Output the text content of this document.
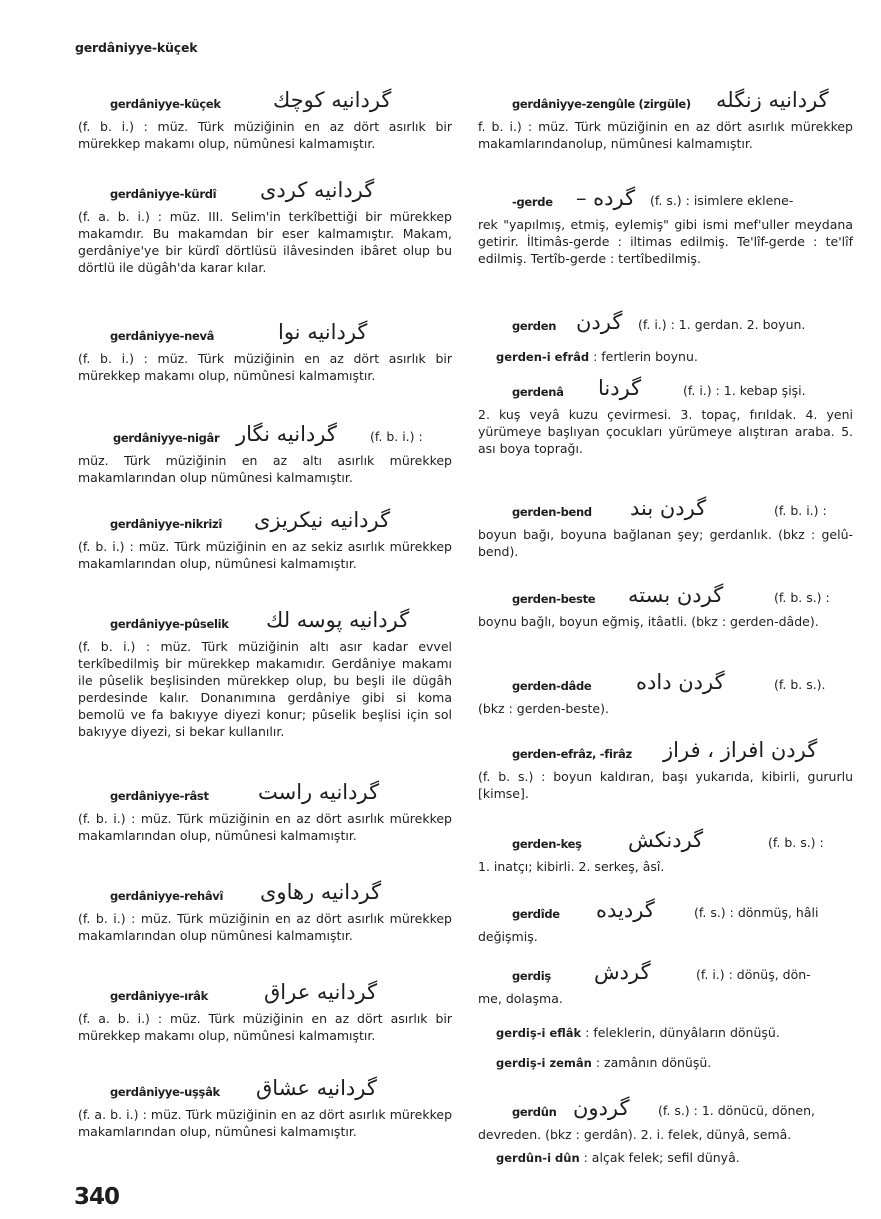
gerdâniyye-küçek
gerdâniyye-küçek گردانیه کوچك

(f. b. i.) : müz. Türk müziğinin en az dört asırlık bir mürekkep makamı olup, nümûnesi kalmamıştır.

gerdâniyye-kürdî گردانیه کردی

(f. a. b. i.) : müz. III. Selim'in terkîbettiği bir mürekkep makamdır. Bu makamdan bir eser kalmamıştır. Makam, gerdâniye'ye bir kürdî dörtlüsü ilâvesinden ibâret olup bu dörtlü ile dügâh'da karar kılar.

gerdâniyye-nevâ	گردانیه نوا

(f. b. i.) : müz. Türk müziğinin en az dört asırlık bir mürekkep makamı olup, nümûnesi kalmamıştır.

gerdâniyye-nigâr گردانیه نگار	(f. b. i.) :

müz. Türk müziğinin en az altı asırlık mürekkep makamlarından olup nümûnesi kalmamıştır.

gerdâniyye-nikrizî گردانیه نیکریزی

(f. b. i.) : müz. Türk müziğinin en az sekiz asırlık mürekkep makamlarından olup, nümûnesi kalmamıştır.

gerdâniyye-pûselik گردانیه پوسه لك

(f. b. i.) : müz. Türk müziğinin altı asır kadar evvel terkîbedilmiş bir mürekkep makamıdır. Gerdâniye makamı ile pûselik beşlisinden mürekkep olup, bu beşli ile dügâh perdesinde kalır. Donanımına gerdâniye gibi si koma bemolü ve fa bakıyye diyezi konur; pûselik beşlisi için sol bakıyye diyezi, si bekar kullanılır.

gerdâniyye-râst گردانیه راست

(f. b. i.) : müz. Türk müziğinin en az dört asırlık mürekkep makamlarından olup, nümûnesi kalmamıştır.

gerdâniyye-rehâvî گردانیه رهاوی

(f. b. i.) : müz. Türk müziğinin en az dört asırlık mürekkep makamlarından olup nümûnesi kalmamıştır.

gerdâniyye-ırâk	گردانیه عراق

(f. a. b. i.) : müz. Türk müziğinin en az dört asırlık bir mürekkep makamı olup, nümûnesi kalmamıştır.

gerdâniyye-uşşâk گردانیه عشاق

(f. a. b. i.) : müz. Türk müziğinin en az dört asırlık mürekkep makamlarından olup, nümûnesi kalmamıştır.

gerdâniyye-zengûle (zirgüle) گردانیه زنگله

f. b. i.) : müz. Türk müziğinin en az dört asırlık mürekkep makamlarındanolup, nümûnesi kalmamıştır.

-gerde گرده – (f. s.) : isimlere eklene-

rek "yapılmış, etmiş, eylemiş" gibi ismi mef'uller meydana getirir. İltimâs-gerde : iltimas edilmiş. Te'lîf-gerde : te'lîf edilmiş. Tertîb-gerde : tertîbedilmiş.

gerden گردن (f. i.) : 1. gerdan. 2. boyun.
gerdenâ گردنا	(f. i.) : 1. kebap şişi.

2. kuş veyâ kuzu çevirmesi. 3. topaç, fırıldak. 4. yeni yürümeye başlıyan çocukları yürümeye alıştıran araba. 5. ası boya toprağı.

gerden-bend گردن بند	(f. b. i.) :

boyun bağı, boyuna bağlanan şey; gerdanlık. (bkz : gelû-bend).

gerden-beste گردن بسته	(f. b. s.) :

boynu bağlı, boyun eğmiş, itâatli. (bkz : gerden-dâde).

gerden-dâde گردن داده	(f. b. s.).

(bkz : gerden-beste).

gerden-efrâz, -firâz گردن افراز ، فراز

(f. b. s.) : boyun kaldıran, başı yukarıda, kibirli, gururlu [kimse].

gerden-keş گردنكش	(f. b. s.) :

1. inatçı; kibirli. 2. serkeş, âsî.

gerdîde گردیده	(f. s.) : dönmüş, hâli

değişmiş.

gerdiş گردش	(f. i.) : dönüş, dön-

me, dolaşma.

gerdûn گردون (f. s.) : 1. dönücü, dönen,

devreden. (bkz : gerdân). 2. i. felek, dünyâ, semâ.

gerden-i efrâd : fertlerin boynu.

gerdiş-i eflâk : feleklerin, dünyâların dönüşü.

gerdiş-i zemân : zamânın dönüşü.

gerdûn-i dûn : alçak felek; sefil dünyâ.

340
